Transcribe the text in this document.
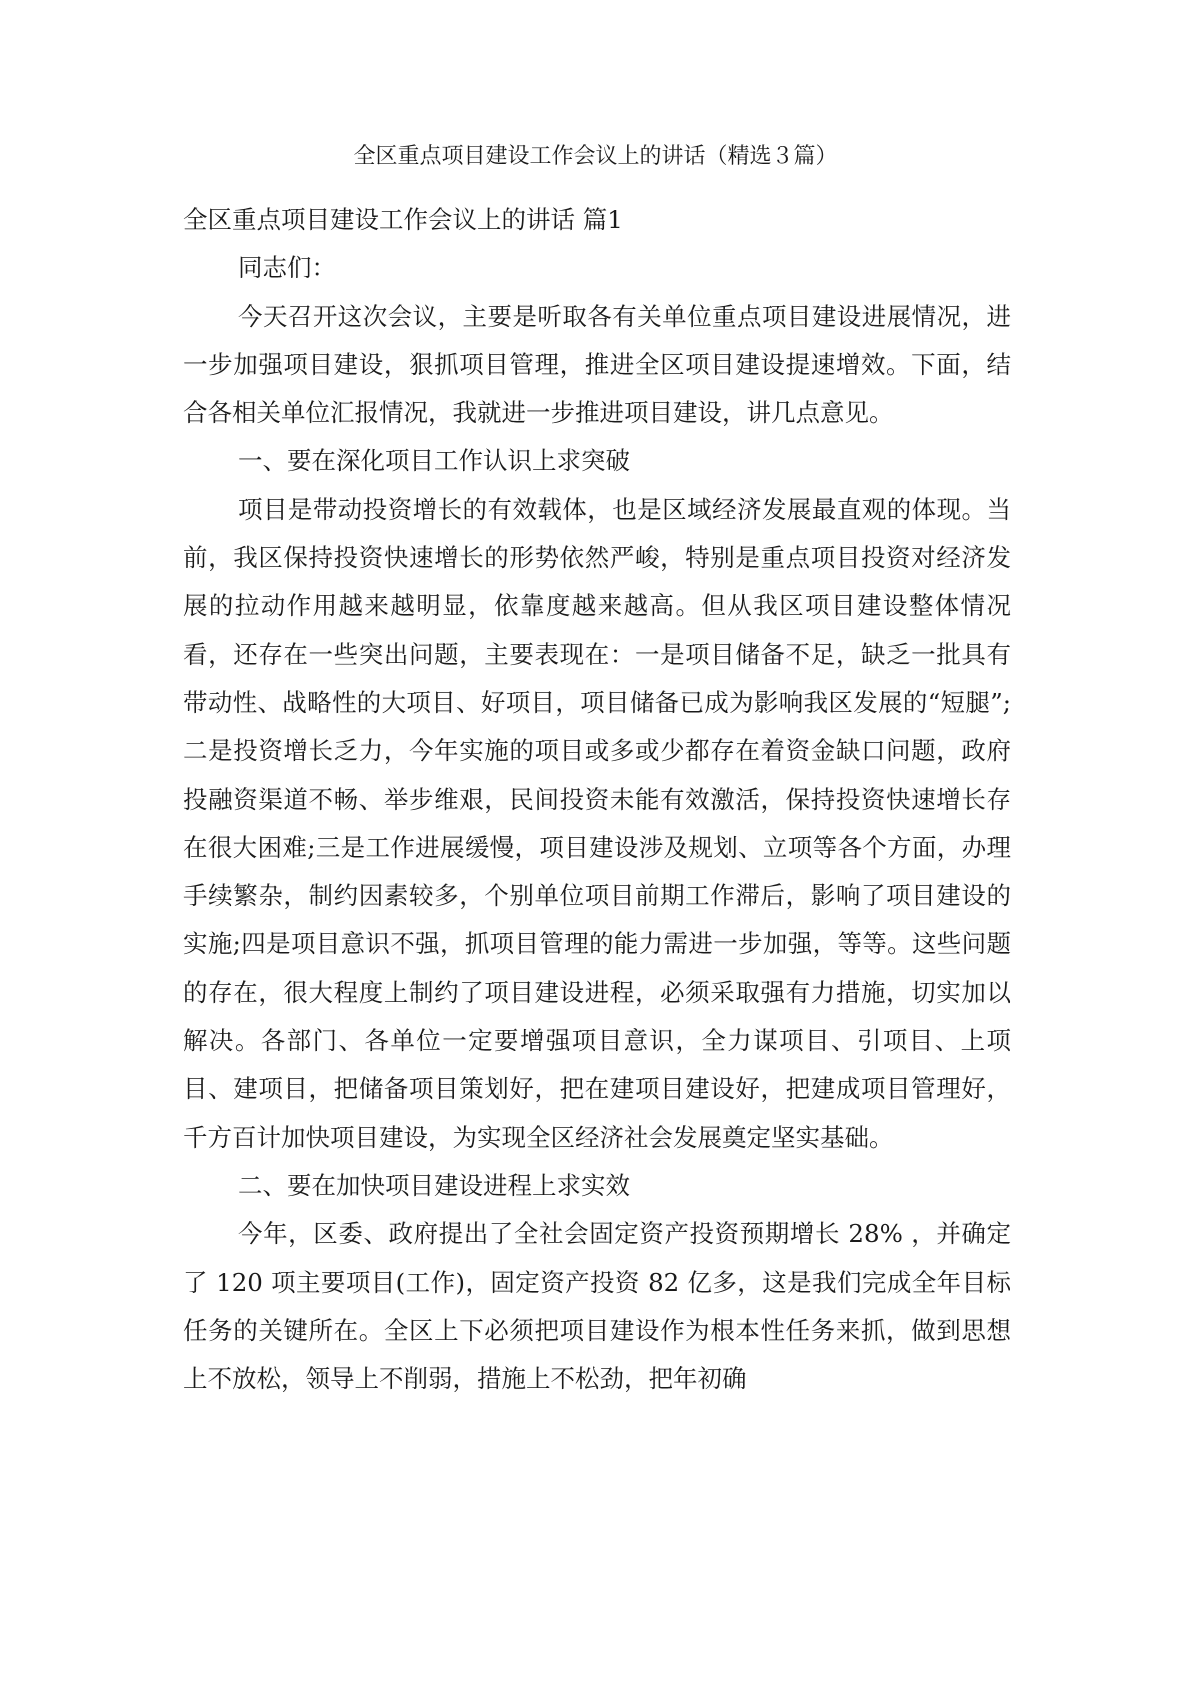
全区重点项目建设工作会议上的讲话（精选３篇）
全区重点项目建设工作会议上的讲话 篇1

同志们：

今天召开这次会议，主要是听取各有关单位重点项目建设进展情况，进一步加强项目建设，狠抓项目管理，推进全区项目建设提速增效。下面，结合各相关单位汇报情况，我就进一步推进项目建设，讲几点意见。

一、要在深化项目工作认识上求突破

项目是带动投资增长的有效载体，也是区域经济发展最直观的体现。当前，我区保持投资快速增长的形势依然严峻，特别是重点项目投资对经济发展的拉动作用越来越明显，依靠度越来越高。但从我区项目建设整体情况看，还存在一些突出问题，主要表现在：一是项目储备不足，缺乏一批具有带动性、战略性的大项目、好项目，项目储备已成为影响我区发展的“短腿”;二是投资增长乏力，今年实施的项目或多或少都存在着资金缺口问题，政府投融资渠道不畅、举步维艰，民间投资未能有效激活，保持投资快速增长存在很大困难;三是工作进展缓慢，项目建设涉及规划、立项等各个方面，办理手续繁杂，制约因素较多，个别单位项目前期工作滞后，影响了项目建设的实施;四是项目意识不强，抓项目管理的能力需进一步加强，等等。这些问题的存在，很大程度上制约了项目建设进程，必须采取强有力措施，切实加以解决。各部门、各单位一定要增强项目意识，全力谋项目、引项目、上项目、建项目，把储备项目策划好，把在建项目建设好，把建成项目管理好，千方百计加快项目建设，为实现全区经济社会发展奠定坚实基础。

二、要在加快项目建设进程上求实效

今年，区委、政府提出了全社会固定资产投资预期增长 28% ，并确定了 120 项主要项目(工作)，固定资产投资 82 亿多，这是我们完成全年目标任务的关键所在。全区上下必须把项目建设作为根本性任务来抓，做到思想上不放松，领导上不削弱，措施上不松劲，把年初确
